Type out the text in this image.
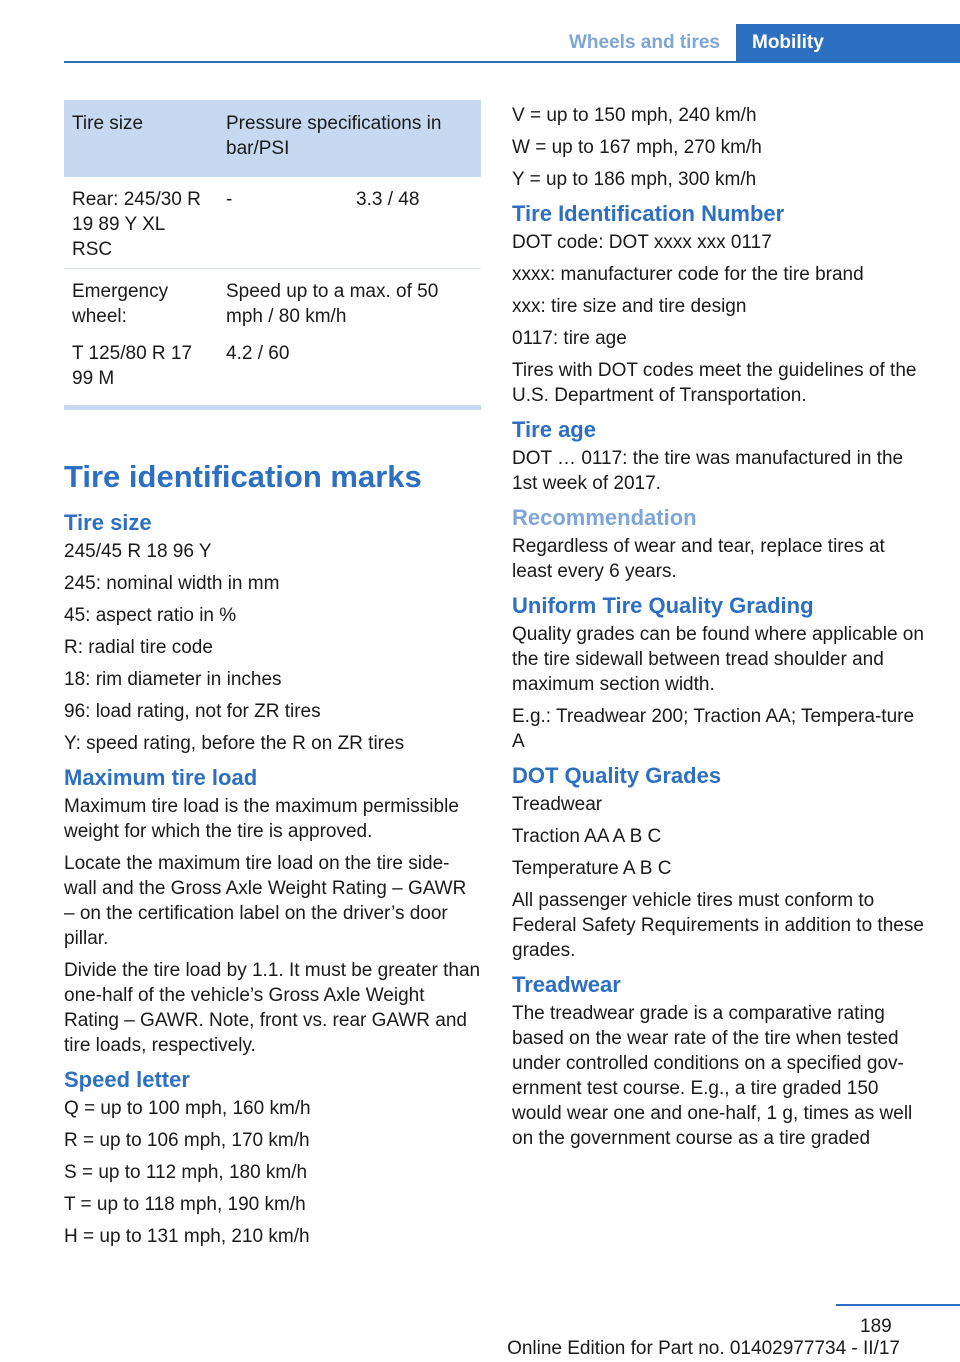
Wheels and tires	Mobility
Tire size	Pressure specifications in bar/PSI	
Rear: 245/30 R 19 89 Y XL RSC	-	3.3 / 48
Emergency wheel:	Speed up to a max. of 50 mph / 80 km/h	
T 125/80 R 17 99 M	4.2 / 60	
Tire identification marks
Tire size

245/45 R 18 96 Y

245: nominal width in mm

45: aspect ratio in %

R: radial tire code

18: rim diameter in inches

96: load rating, not for ZR tires

Y: speed rating, before the R on ZR tires

Maximum tire load

Maximum tire load is the maximum permissible weight for which the tire is approved.

Locate the maximum tire load on the tire side‐wall and the Gross Axle Weight Rating – GAWR – on the certification label on the driver’s door pillar.

Divide the tire load by 1.1. It must be greater than one-half of the vehicle’s Gross Axle Weight Rating – GAWR. Note, front vs. rear GAWR and tire loads, respectively.

Speed letter

Q = up to 100 mph, 160 km/h

R = up to 106 mph, 170 km/h

S = up to 112 mph, 180 km/h

T = up to 118 mph, 190 km/h

H = up to 131 mph, 210 km/h

V = up to 150 mph, 240 km/h

W = up to 167 mph, 270 km/h

Y = up to 186 mph, 300 km/h

Tire Identification Number

DOT code: DOT xxxx xxx 0117

xxxx: manufacturer code for the tire brand

xxx: tire size and tire design

0117: tire age

Tires with DOT codes meet the guidelines of the U.S. Department of Transportation.

Tire age

DOT … 0117: the tire was manufactured in the 1st week of 2017.

Recommendation

Regardless of wear and tear, replace tires at least every 6 years.

Uniform Tire Quality Grading

Quality grades can be found where applicable on the tire sidewall between tread shoulder and maximum section width.

E.g.: Treadwear 200; Traction AA; Tempera‐ture A

DOT Quality Grades

Treadwear

Traction AA A B C

Temperature A B C

All passenger vehicle tires must conform to Federal Safety Requirements in addition to these grades.

Treadwear

The treadwear grade is a comparative rating based on the wear rate of the tire when tested under controlled conditions on a specified gov‐ernment test course. E.g., a tire graded 150 would wear one and one-half, 1 g, times as well on the government course as a tire graded

189
Online Edition for Part no. 01402977734 - II/17
